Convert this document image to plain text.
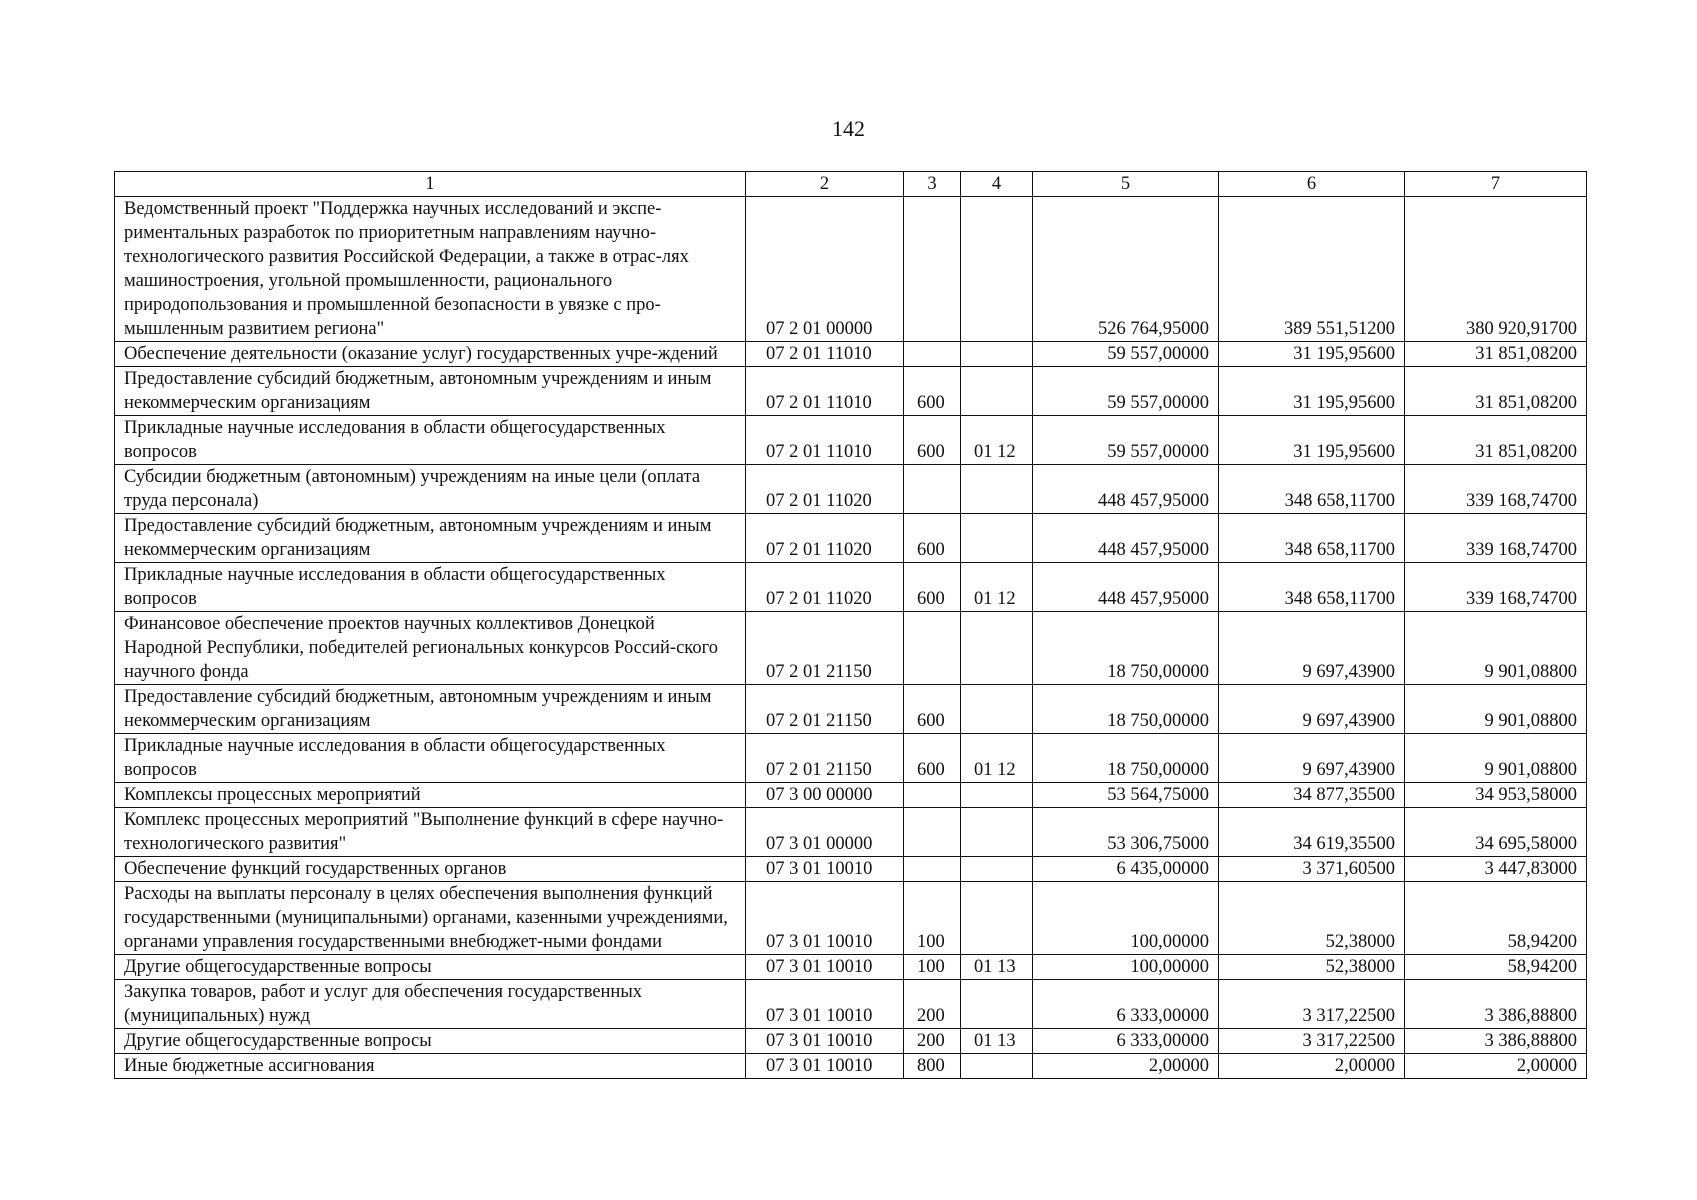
142
1	2	3	4	5	6	7
Ведомственный проект "Поддержка научных исследований и экспе-риментальных разработок по приоритетным направлениям научно-технологического развития Российской Федерации, а также в отрас-лях машиностроения, угольной промышленности, рационального природопользования и промышленной безопасности в увязке с про-мышленным развитием региона"	07 2 01 00000			526 764,95000	389 551,51200	380 920,91700
Обеспечение деятельности (оказание услуг) государственных учре-ждений	07 2 01 11010			59 557,00000	31 195,95600	31 851,08200
Предоставление субсидий бюджетным, автономным учреждениям и иным некоммерческим организациям	07 2 01 11010	600		59 557,00000	31 195,95600	31 851,08200
Прикладные научные исследования в области общегосударственных вопросов	07 2 01 11010	600	01 12	59 557,00000	31 195,95600	31 851,08200
Субсидии бюджетным (автономным) учреждениям на иные цели (оплата труда персонала)	07 2 01 11020			448 457,95000	348 658,11700	339 168,74700
Предоставление субсидий бюджетным, автономным учреждениям и иным некоммерческим организациям	07 2 01 11020	600		448 457,95000	348 658,11700	339 168,74700
Прикладные научные исследования в области общегосударственных вопросов	07 2 01 11020	600	01 12	448 457,95000	348 658,11700	339 168,74700
Финансовое обеспечение проектов научных коллективов Донецкой Народной Республики, победителей региональных конкурсов Россий-ского научного фонда	07 2 01 21150			18 750,00000	9 697,43900	9 901,08800
Предоставление субсидий бюджетным, автономным учреждениям и иным некоммерческим организациям	07 2 01 21150	600		18 750,00000	9 697,43900	9 901,08800
Прикладные научные исследования в области общегосударственных вопросов	07 2 01 21150	600	01 12	18 750,00000	9 697,43900	9 901,08800
Комплексы процессных мероприятий	07 3 00 00000			53 564,75000	34 877,35500	34 953,58000
Комплекс процессных мероприятий "Выполнение функций в сфере научно-технологического развития"	07 3 01 00000			53 306,75000	34 619,35500	34 695,58000
Обеспечение функций государственных органов	07 3 01 10010			6 435,00000	3 371,60500	3 447,83000
Расходы на выплаты персоналу в целях обеспечения выполнения функций государственными (муниципальными) органами, казенными учреждениями, органами управления государственными внебюджет-ными фондами	07 3 01 10010	100		100,00000	52,38000	58,94200
Другие общегосударственные вопросы	07 3 01 10010	100	01 13	100,00000	52,38000	58,94200
Закупка товаров, работ и услуг для обеспечения государственных (муниципальных) нужд	07 3 01 10010	200		6 333,00000	3 317,22500	3 386,88800
Другие общегосударственные вопросы	07 3 01 10010	200	01 13	6 333,00000	3 317,22500	3 386,88800
Иные бюджетные ассигнования	07 3 01 10010	800		2,00000	2,00000	2,00000
